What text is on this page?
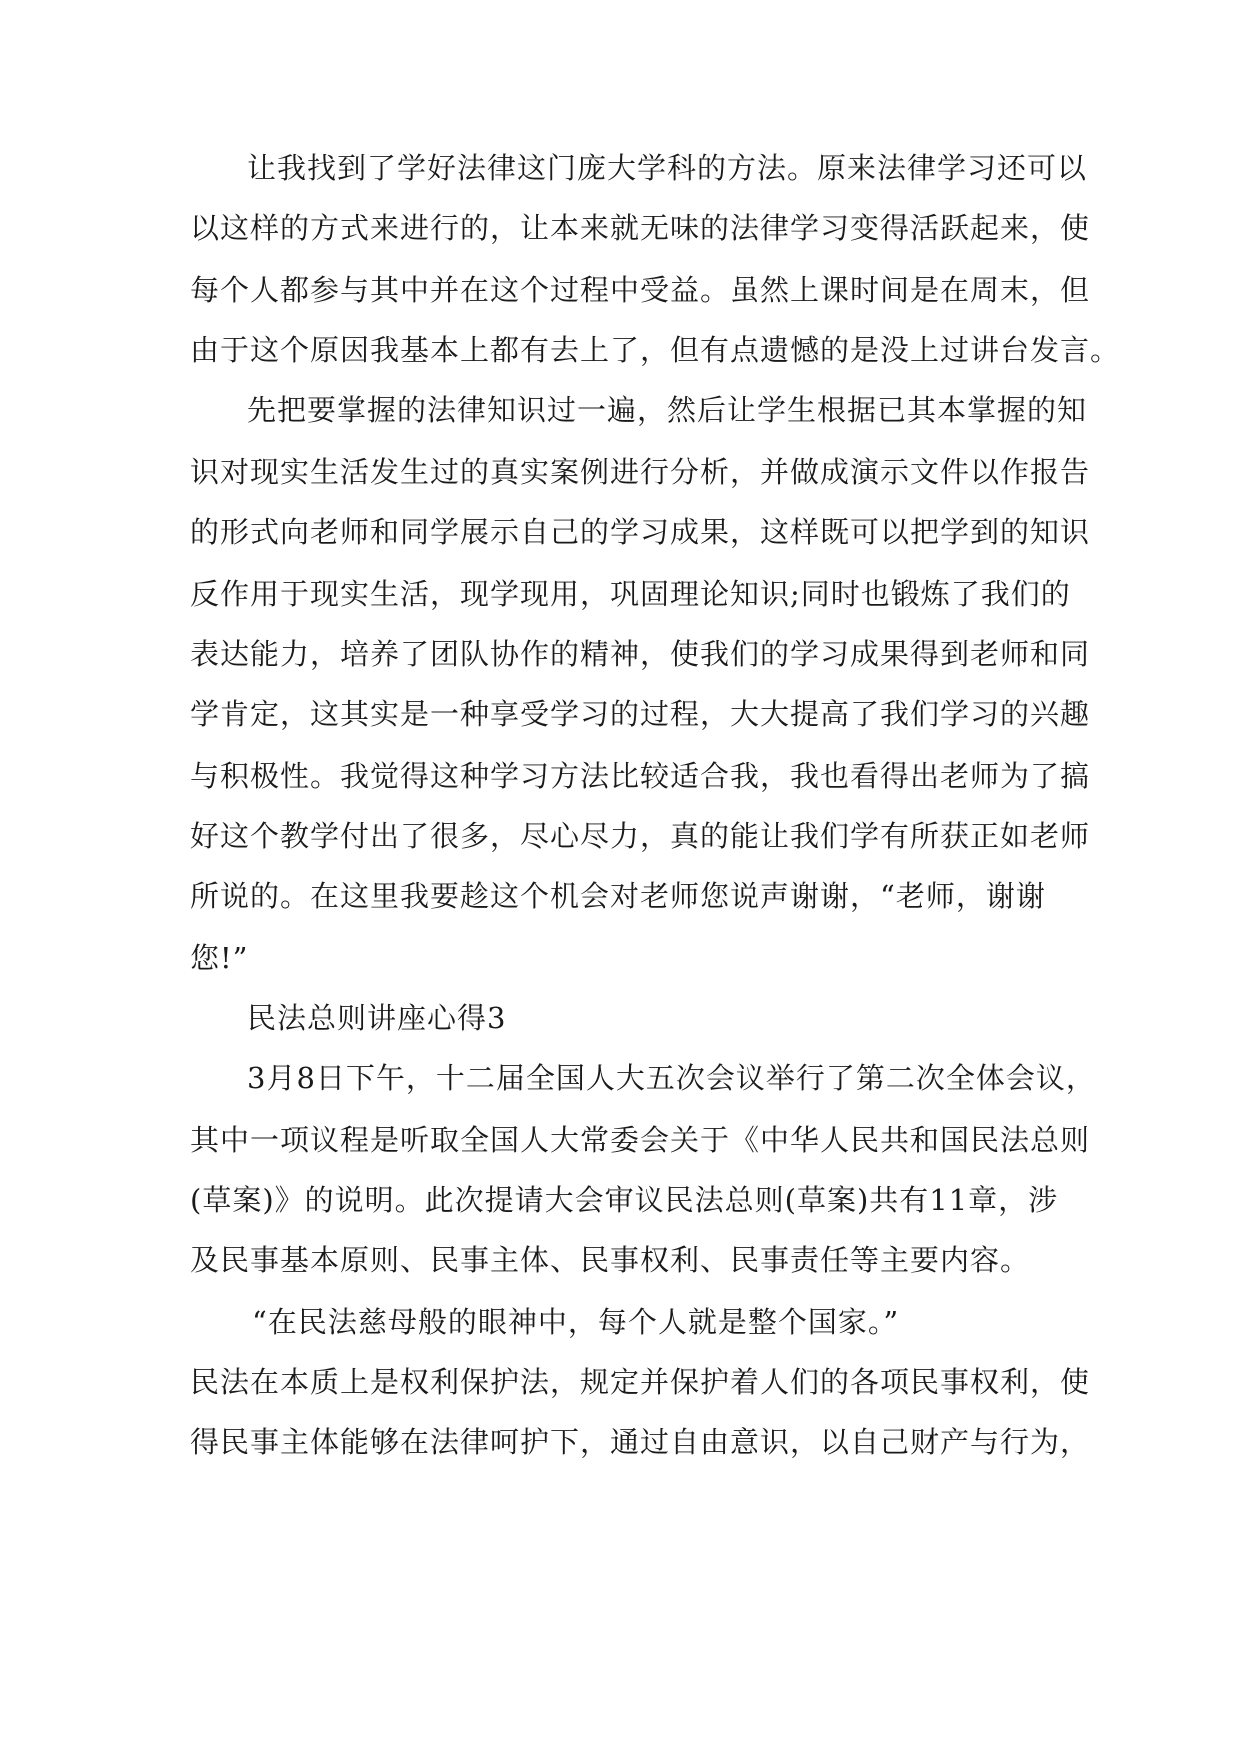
让我找到了学好法律这门庞大学科的方法。原来法律学习还可以
以这样的方式来进行的，让本来就无味的法律学习变得活跃起来，使
每个人都参与其中并在这个过程中受益。虽然上课时间是在周末，但
由于这个原因我基本上都有去上了，但有点遗憾的是没上过讲台发言。
先把要掌握的法律知识过一遍，然后让学生根据已其本掌握的知
识对现实生活发生过的真实案例进行分析，并做成演示文件以作报告
的形式向老师和同学展示自己的学习成果，这样既可以把学到的知识
反作用于现实生活，现学现用，巩固理论知识;同时也锻炼了我们的
表达能力，培养了团队协作的精神，使我们的学习成果得到老师和同
学肯定，这其实是一种享受学习的过程，大大提高了我们学习的兴趣
与积极性。我觉得这种学习方法比较适合我，我也看得出老师为了搞
好这个教学付出了很多，尽心尽力，真的能让我们学有所获正如老师
所说的。在这里我要趁这个机会对老师您说声谢谢，“老师，谢谢
您!”
民法总则讲座心得3
3月8日下午，十二届全国人大五次会议举行了第二次全体会议，
其中一项议程是听取全国人大常委会关于《中华人民共和国民法总则
(草案)》的说明。此次提请大会审议民法总则(草案)共有11章，涉
及民事基本原则、民事主体、民事权利、民事责任等主要内容。
“在民法慈母般的眼神中，每个人就是整个国家。”
民法在本质上是权利保护法，规定并保护着人们的各项民事权利，使
得民事主体能够在法律呵护下，通过自由意识，以自己财产与行为，
